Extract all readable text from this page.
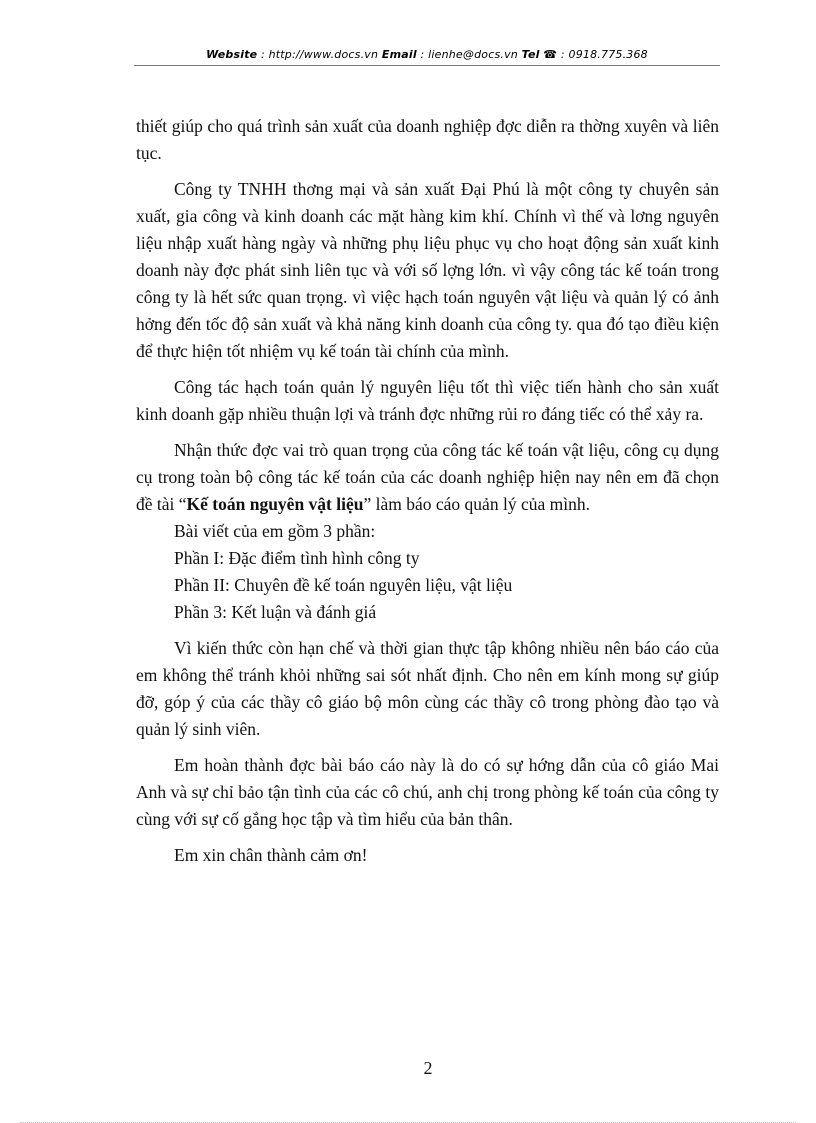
Website : http://www.docs.vn Email : lienhe@docs.vn Tel ☎ : 0918.775.368

thiết giúp cho quá trình sản xuất của doanh nghiệp đợc diễn ra thờng xuyên và liên tục.

Công ty TNHH thơng mại và sản xuất Đại Phú là một công ty chuyên sản xuất, gia công và kinh doanh các mặt hàng kim khí. Chính vì thế và lơng nguyên liệu nhập xuất hàng ngày và những phụ liệu phục vụ cho hoạt động sản xuất kinh doanh này đợc phát sinh liên tục và với số lợng lớn. vì vậy công tác kế toán trong công ty là hết sức quan trọng. vì việc hạch toán nguyên vật liệu và quản lý có ảnh hởng đến tốc độ sản xuất và khả năng kinh doanh của công ty. qua đó tạo điều kiện để thực hiện tốt nhiệm vụ kế toán tài chính của mình.

Công tác hạch toán quản lý nguyên liệu tốt thì việc tiến hành cho sản xuất kinh doanh gặp nhiều thuận lợi và tránh đợc những rủi ro đáng tiếc có thể xảy ra.

Nhận thức đợc vai trò quan trọng của công tác kế toán vật liệu, công cụ dụng cụ trong toàn bộ công tác kế toán của các doanh nghiệp hiện nay nên em đã chọn đề tài “Kế toán nguyên vật liệu” làm báo cáo quản lý của mình.

Bài viết của em gồm 3 phần:

Phần I: Đặc điểm tình hình công ty

Phần II: Chuyên đề kế toán nguyên liệu, vật liệu

Phần 3: Kết luận và đánh giá

Vì kiến thức còn hạn chế và thời gian thực tập không nhiều nên báo cáo của em không thể tránh khỏi những sai sót nhất định. Cho nên em kính mong sự giúp đỡ, góp ý của các thầy cô giáo bộ môn cùng các thầy cô trong phòng đào tạo và quản lý sinh viên.

Em hoàn thành đợc bài báo cáo này là do có sự hớng dẫn của cô giáo Mai Anh và sự chỉ bảo tận tình của các cô chú, anh chị trong phòng kế toán của công ty cùng với sự cố gắng học tập và tìm hiểu của bản thân.

Em xin chân thành cảm ơn!

2
